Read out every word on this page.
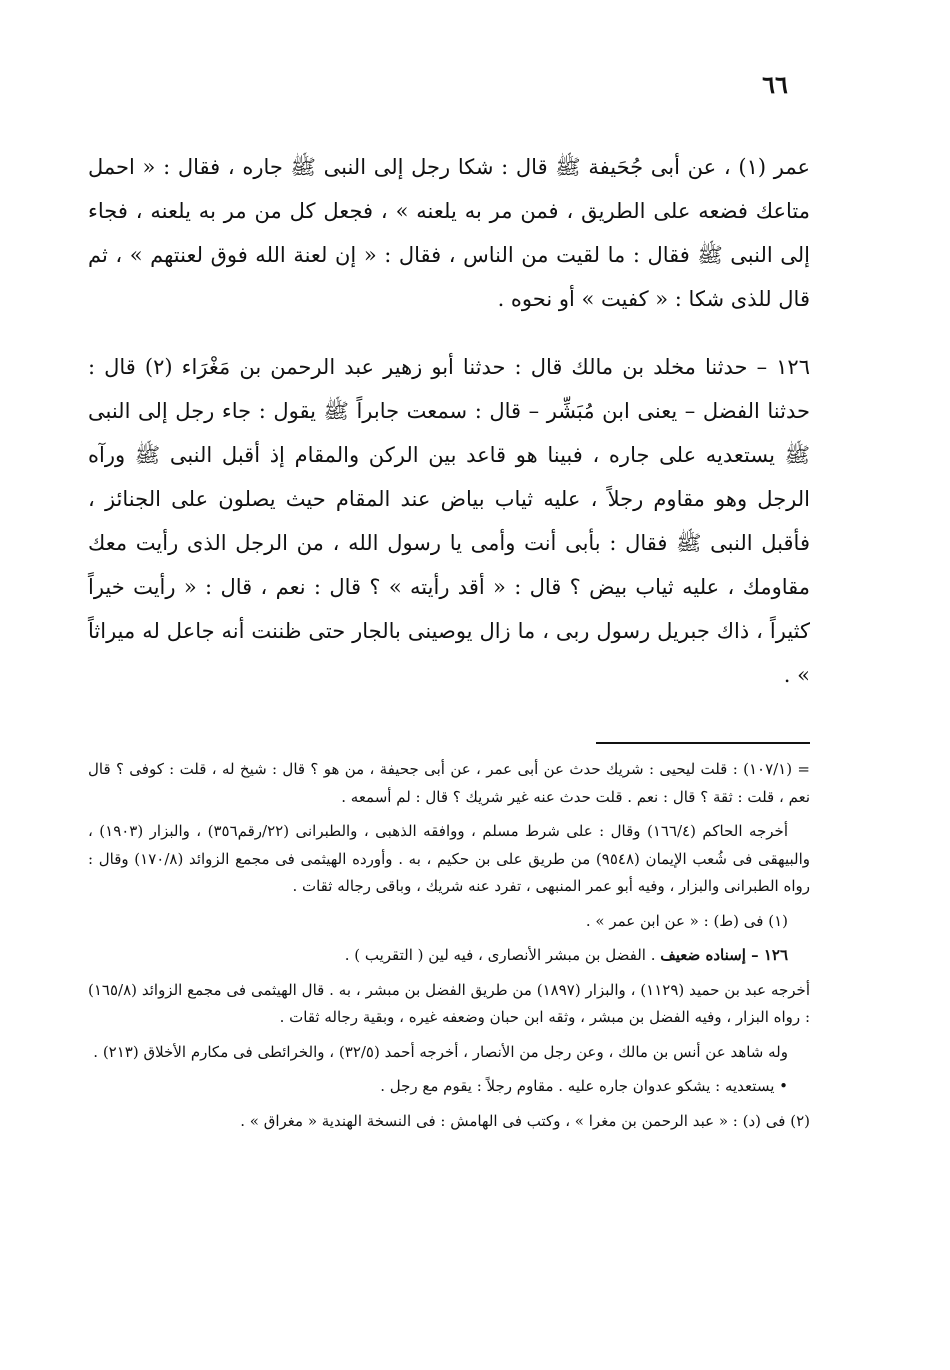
٦٦

عمر (١) ، عن أبى جُحَيفة ﷺ قال : شكا رجل إلى النبى ﷺ جاره ، فقال : « احمل متاعك فضعه على الطريق ، فمن مر به يلعنه » ، فجعل كل من مر به يلعنه ، فجاء إلى النبى ﷺ فقال : ما لقيت من الناس ، فقال : « إن لعنة الله فوق لعنتهم » ، ثم قال للذى شكا : « كفيت » أو نحوه .

١٢٦ – حدثنا مخلد بن مالك قال : حدثنا أبو زهير عبد الرحمن بن مَغْرَاء (٢) قال : حدثنا الفضل – يعنى ابن مُبَشِّر – قال : سمعت جابراً ﷺ يقول : جاء رجل إلى النبى ﷺ يستعديه على جاره ، فبينا هو قاعد بين الركن والمقام إذ أقبل النبى ﷺ ورآه الرجل وهو مقاوم رجلاً ، عليه ثياب بياض عند المقام حيث يصلون على الجنائز ، فأقبل النبى ﷺ فقال : بأبى أنت وأمى يا رسول الله ، من الرجل الذى رأيت معك مقاومك ، عليه ثياب بيض ؟ قال : « أقد رأيته » ؟ قال : نعم ، قال : « رأيت خيراً كثيراً ، ذاك جبريل رسول ربى ، ما زال يوصينى بالجار حتى ظننت أنه جاعل له ميراثاً » .

= (١٠٧/١) : قلت ليحيى : شريك حدث عن أبى عمر ، عن أبى جحيفة ، من هو ؟ قال : شيخ له ، قلت : كوفى ؟ قال نعم ، قلت : ثقة ؟ قال : نعم . قلت حدث عنه غير شريك ؟ قال : لم أسمعه .

أخرجه الحاكم (١٦٦/٤) وقال : على شرط مسلم ، ووافقه الذهبى ، والطبرانى (٢٢/رقم٣٥٦) ، والبزار (١٩٠٣) ، والبيهقى فى شُعب الإيمان (٩٥٤٨) من طريق على بن حكيم ، به . وأورده الهيثمى فى مجمع الزوائد (١٧٠/٨) وقال : رواه الطبرانى والبزار ، وفيه أبو عمر المنبهى ، تفرد عنه شريك ، وباقى رجاله ثقات .

(١) فى (ط) : « عن ابن عمر » .

١٢٦ – إسناده ضعيف . الفضل بن مبشر الأنصارى ، فيه لين ( التقريب ) .

أخرجه عبد بن حميد (١١٢٩) ، والبزار (١٨٩٧) من طريق الفضل بن مبشر ، به . قال الهيثمى فى مجمع الزوائد (١٦٥/٨) : رواه البزار ، وفيه الفضل بن مبشر ، وثقه ابن حبان وضعفه غيره ، وبقية رجاله ثقات .

وله شاهد عن أنس بن مالك ، وعن رجل من الأنصار ، أخرجه أحمد (٣٢/٥) ، والخرائطى فى مكارم الأخلاق (٢١٣) .

• يستعديه : يشكو عدوان جاره عليه . مقاوم رجلاً : يقوم مع رجل .

(٢) فى (د) : « عبد الرحمن بن مغرا » ، وكتب فى الهامش : فى النسخة الهندية « مغراق » .
